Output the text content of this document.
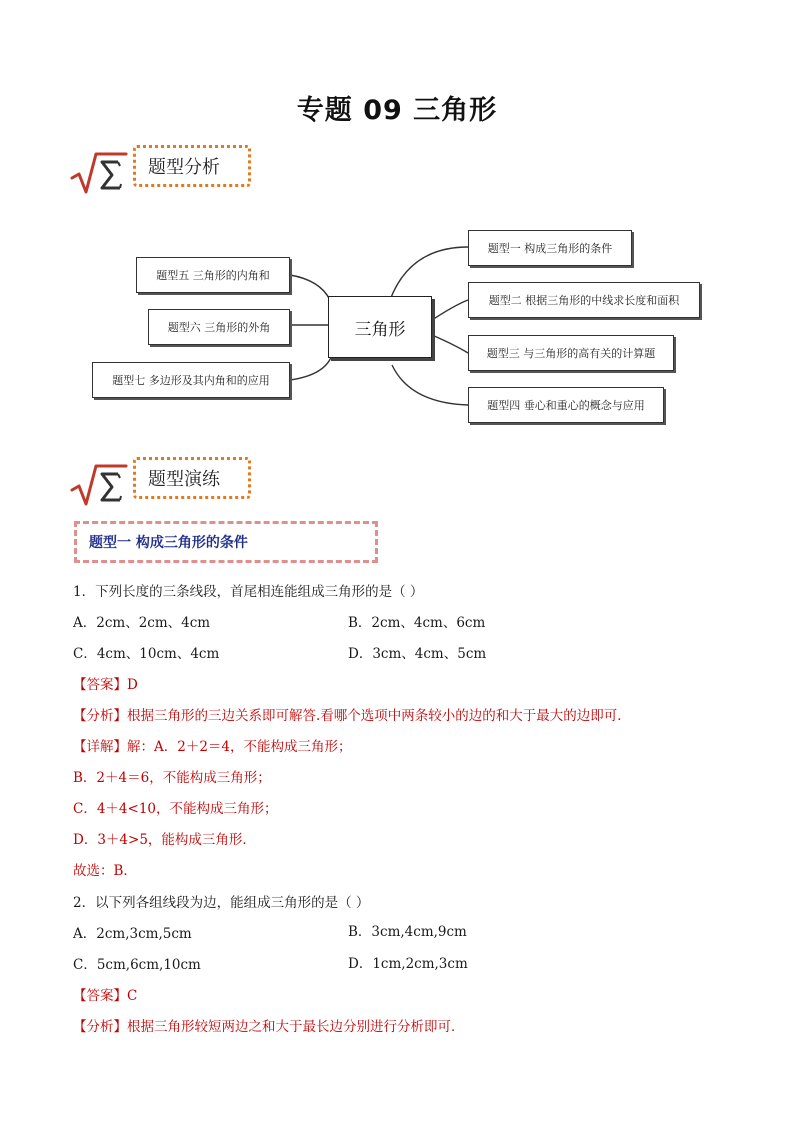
专题 09 三角形
题型分析
三角形
题型五 三角形的内角和
题型六 三角形的外角
题型七 多边形及其内角和的应用
题型一 构成三角形的条件
题型二 根据三角形的中线求长度和面积
题型三 与三角形的高有关的计算题
题型四 垂心和重心的概念与应用
题型演练
题型一 构成三角形的条件
1．下列长度的三条线段，首尾相连能组成三角形的是（ ）
A．2cm、2cm、4cm	B．2cm、4cm、6cm
C．4cm、10cm、4cm	D．3cm、4cm、5cm
【答案】D
【分析】根据三角形的三边关系即可解答.看哪个选项中两条较小的边的和大于最大的边即可．
【详解】解：A．2＋2＝4，不能构成三角形；
B．2＋4＝6，不能构成三角形；
C．4＋4<10，不能构成三角形；
D．3＋4>5，能构成三角形．
故选：B．
2．以下列各组线段为边，能组成三角形的是（ ）
A．2cm,3cm,5cm	B．3cm,4cm,9cm
C．5cm,6cm,10cm	D．1cm,2cm,3cm
【答案】C
【分析】根据三角形较短两边之和大于最长边分别进行分析即可．
